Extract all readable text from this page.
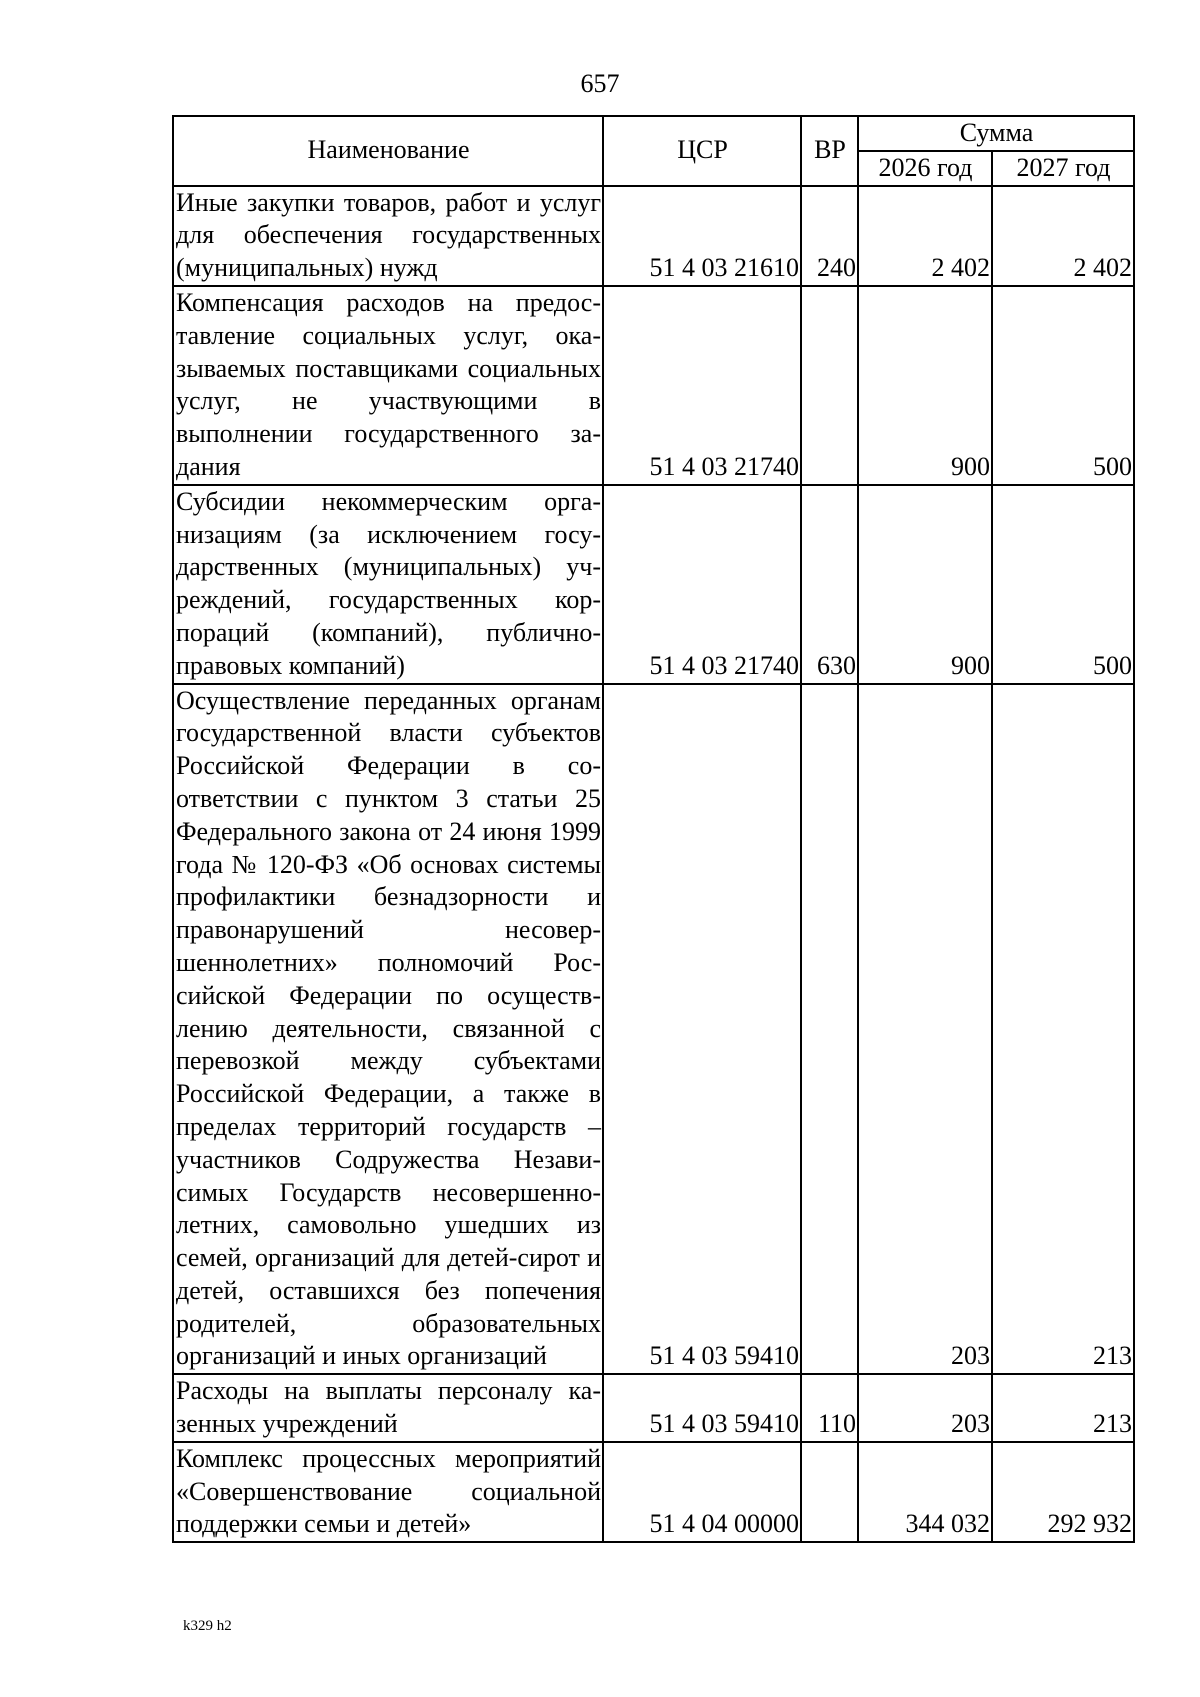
657
Наименование	ЦСР	ВР	Сумма	
			2026 год	2027 год
Иные закупки товаров, работ и услуг для обеспечения государственных (муниципальных) нужд	51 4 03 21610	240	2 402	2 402
Компенсация расходов на предоставление социальных услуг, оказываемых поставщиками социальных услуг, не участвующими в выполнении государственного задания	51 4 03 21740		900	500
Субсидии некоммерческим организациям (за исключением государственных (муниципальных) учреждений, государственных корпораций (компаний), публично-правовых компаний)	51 4 03 21740	630	900	500
Осуществление переданных органам государственной власти субъектов Российской Федерации в соответствии с пунктом 3 статьи 25 Федерального закона от 24 июня 1999 года № 120-ФЗ «Об основах системы профилактики безнадзорности и правонарушений несовершеннолетних» полномочий Российской Федерации по осуществлению деятельности, связанной с перевозкой между субъектами Российской Федерации, а также в пределах территорий государств – участников Содружества Независимых Государств несовершеннолетних, самовольно ушедших из семей, организаций для детей-сирот и детей, оставшихся без попечения родителей, образовательных организаций и иных организаций	51 4 03 59410		203	213
Расходы на выплаты персоналу казенных учреждений	51 4 03 59410	110	203	213
Комплекс процессных мероприятий «Совершенствование социальной поддержки семьи и детей»	51 4 04 00000		344 032	292 932
k329 h2
